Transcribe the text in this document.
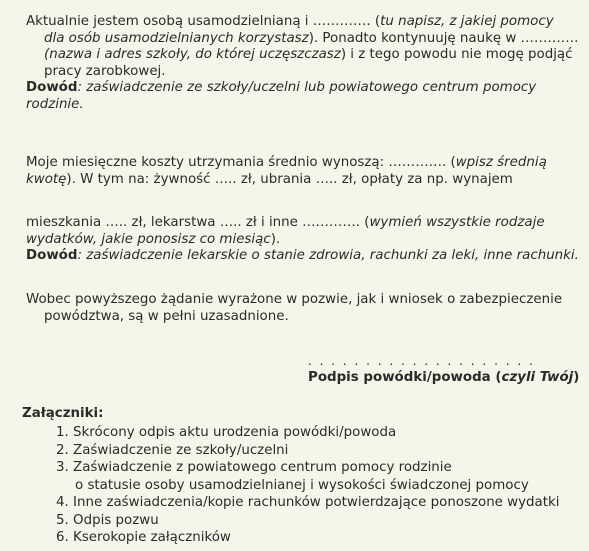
Aktualnie jestem osobą usamodzielnianą i …………. (tu napisz, z jakiej pomocy
dla osób usamodzielnianych korzystasz). Ponadto kontynuuję naukę w ………….
(nazwa i adres szkoły, do której uczęszczasz) i z tego powodu nie mogę podjąć
pracy zarobkowej.
Dowód: zaświadczenie ze szkoły/uczelni lub powiatowego centrum pomocy
rodzinie.
Moje miesięczne koszty utrzymania średnio wynoszą: …………. (wpisz średnią
kwotę). W tym na: żywność ….. zł, ubrania ….. zł, opłaty za np. wynajem
mieszkania ….. zł, lekarstwa ….. zł i inne …………. (wymień wszystkie rodzaje
wydatków, jakie ponosisz co miesiąc).
Dowód: zaświadczenie lekarskie o stanie zdrowia, rachunki za leki, inne rachunki.
Wobec powyższego żądanie wyrażone w pozwie, jak i wniosek o zabezpieczenie
powództwa, są w pełni uzasadnione.
. . . . . . . . . . . . . . . . . . . .
Podpis powódki/powoda (czyli Twój)
Załączniki:
1. Skrócony odpis aktu urodzenia powódki/powoda
2. Zaświadczenie ze szkoły/uczelni
3. Zaświadczenie z powiatowego centrum pomocy rodzinie
o statusie osoby usamodzielnianej i wysokości świadczonej pomocy
4. Inne zaświadczenia/kopie rachunków potwierdzające ponoszone wydatki
5. Odpis pozwu
6. Kserokopie załączników
